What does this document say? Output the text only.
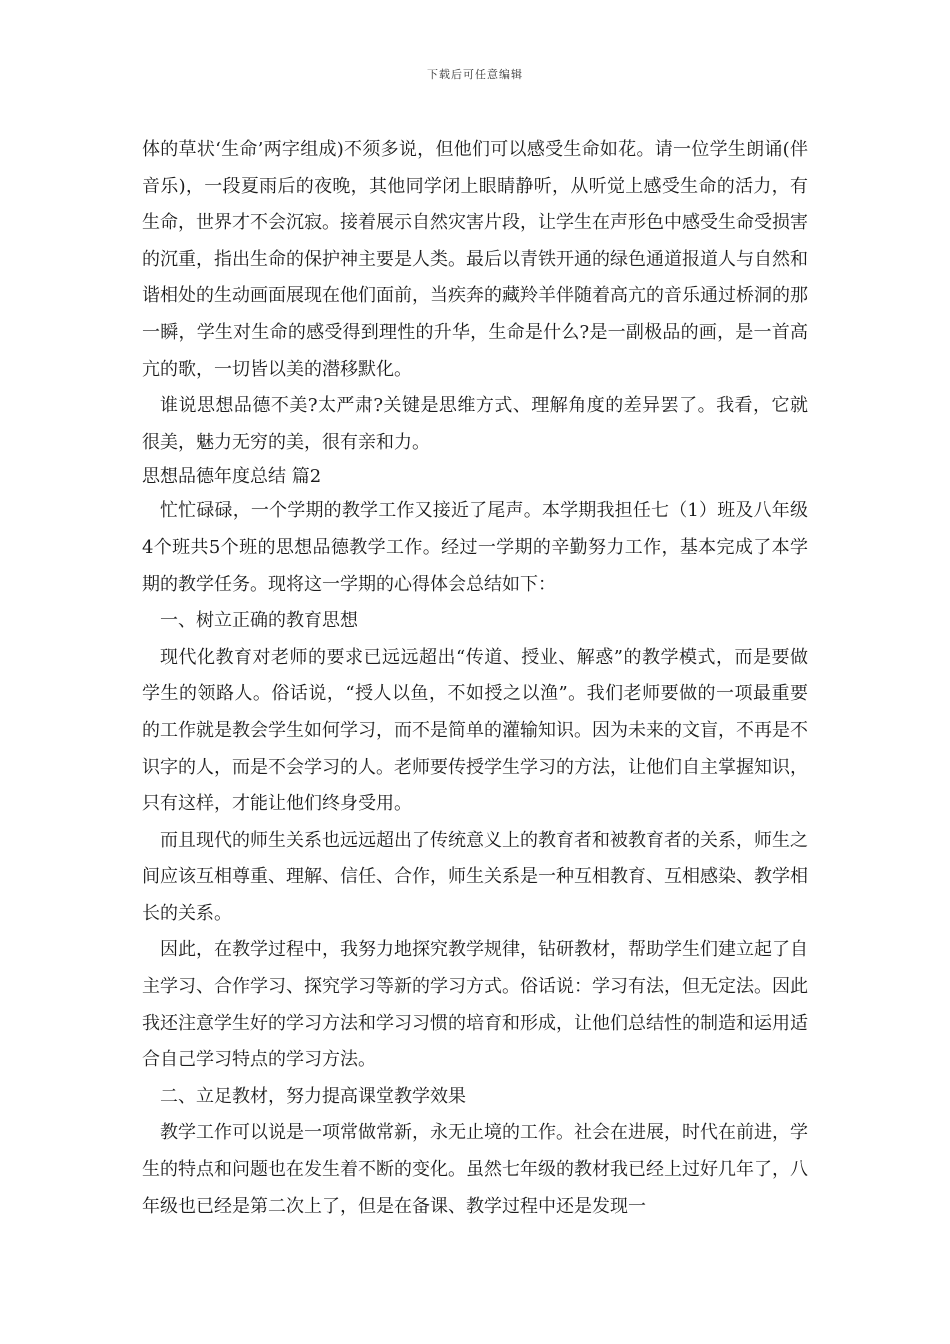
下载后可任意编辑

体的草状‘生命’两字组成)不须多说，但他们可以感受生命如花。请一位学生朗诵(伴音乐)，一段夏雨后的夜晚，其他同学闭上眼睛静听，从听觉上感受生命的活力，有生命，世界才不会沉寂。接着展示自然灾害片段，让学生在声形色中感受生命受损害的沉重，指出生命的保护神主要是人类。最后以青铁开通的绿色通道报道人与自然和谐相处的生动画面展现在他们面前，当疾奔的藏羚羊伴随着高亢的音乐通过桥洞的那一瞬，学生对生命的感受得到理性的升华，生命是什么?是一副极品的画，是一首高亢的歌，一切皆以美的潜移默化。

谁说思想品德不美?太严肃?关键是思维方式、理解角度的差异罢了。我看，它就很美，魅力无穷的美，很有亲和力。

思想品德年度总结 篇2

忙忙碌碌，一个学期的教学工作又接近了尾声。本学期我担任七（1）班及八年级4个班共5个班的思想品德教学工作。经过一学期的辛勤努力工作，基本完成了本学期的教学任务。现将这一学期的心得体会总结如下：

一、树立正确的教育思想

现代化教育对老师的要求已远远超出“传道、授业、解惑”的教学模式，而是要做学生的领路人。俗话说，“授人以鱼，不如授之以渔”。我们老师要做的一项最重要的工作就是教会学生如何学习，而不是简单的灌输知识。因为未来的文盲，不再是不识字的人，而是不会学习的人。老师要传授学生学习的方法，让他们自主掌握知识，只有这样，才能让他们终身受用。

而且现代的师生关系也远远超出了传统意义上的教育者和被教育者的关系，师生之间应该互相尊重、理解、信任、合作，师生关系是一种互相教育、互相感染、教学相长的关系。

因此，在教学过程中，我努力地探究教学规律，钻研教材，帮助学生们建立起了自主学习、合作学习、探究学习等新的学习方式。俗话说：学习有法，但无定法。因此我还注意学生好的学习方法和学习习惯的培育和形成，让他们总结性的制造和运用适合自己学习特点的学习方法。

二、立足教材，努力提高课堂教学效果

教学工作可以说是一项常做常新，永无止境的工作。社会在进展，时代在前进，学生的特点和问题也在发生着不断的变化。虽然七年级的教材我已经上过好几年了，八年级也已经是第二次上了，但是在备课、教学过程中还是发现一
